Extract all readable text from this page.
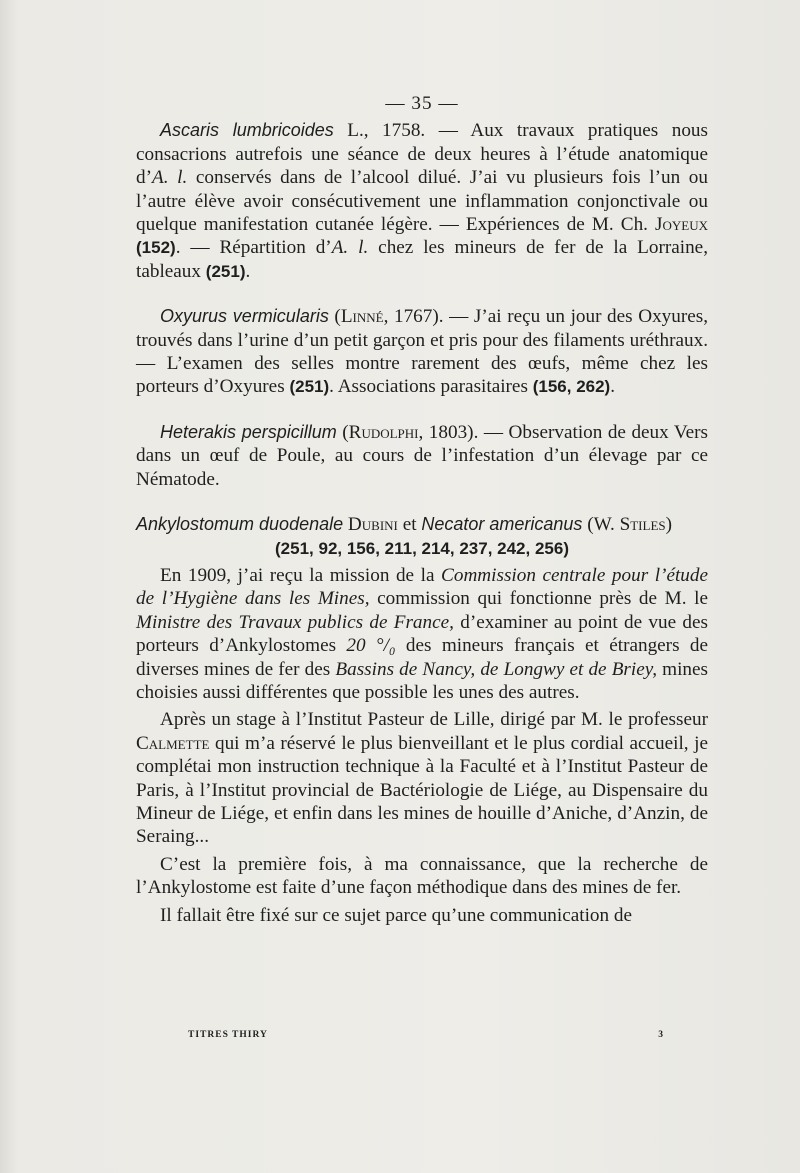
— 35 —

Ascaris lumbricoides L., 1758. — Aux travaux pratiques nous consacrions autrefois une séance de deux heures à l’étude anatomique d’A. l. conservés dans de l’alcool dilué. J’ai vu plusieurs fois l’un ou l’autre élève avoir consécutivement une inflammation conjonctivale ou quelque manifestation cutanée légère. — Expériences de M. Ch. Joyeux (152). — Répartition d’A. l. chez les mineurs de fer de la Lorraine, tableaux (251).

Oxyurus vermicularis (Linné, 1767). — J’ai reçu un jour des Oxyures, trouvés dans l’urine d’un petit garçon et pris pour des filaments uréthraux. — L’examen des selles montre rarement des œufs, même chez les porteurs d’Oxyures (251). Associations parasitaires (156, 262).

Heterakis perspicillum (Rudolphi, 1803). — Observation de deux Vers dans un œuf de Poule, au cours de l’infestation d’un élevage par ce Nématode.

Ankylostomum duodenale Dubini et Necator americanus (W. Stiles)
(251, 92, 156, 211, 214, 237, 242, 256)

En 1909, j’ai reçu la mission de la Commission centrale pour l’étude de l’Hygiène dans les Mines, commission qui fonctionne près de M. le Ministre des Travaux publics de France, d’examiner au point de vue des porteurs d’Ankylostomes 20 °/₀ des mineurs français et étrangers de diverses mines de fer des Bassins de Nancy, de Longwy et de Briey, mines choisies aussi différentes que possible les unes des autres.

Après un stage à l’Institut Pasteur de Lille, dirigé par M. le professeur Calmette qui m’a réservé le plus bienveillant et le plus cordial accueil, je complétai mon instruction technique à la Faculté et à l’Institut Pasteur de Paris, à l’Institut provincial de Bactériologie de Liége, au Dispensaire du Mineur de Liége, et enfin dans les mines de houille d’Aniche, d’Anzin, de Seraing...

C’est la première fois, à ma connaissance, que la recherche de l’Ankylostome est faite d’une façon méthodique dans des mines de fer.

Il fallait être fixé sur ce sujet parce qu’une communication de

TITRES THIRY	3
